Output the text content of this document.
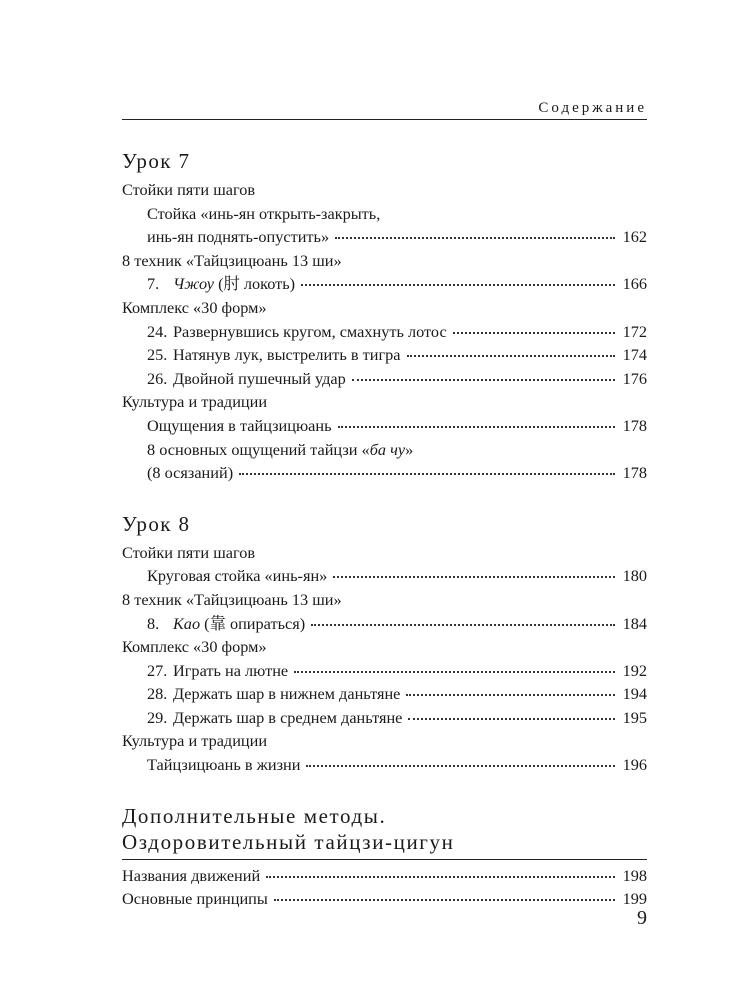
Содержание
Урок 7
Стойки пяти шагов
Стойка «инь-ян открыть-закрыть,
инь-ян поднять-опустить»	162
8 техник «Тайцзицюань 13 ши»
7. Чжоу (肘 локоть)	166
Комплекс «30 форм»
24. Развернувшись кругом, смахнуть лотос	172
25. Натянув лук, выстрелить в тигра	174
26. Двойной пушечный удар	176
Культура и традиции
Ощущения в тайцзицюань	178
8 основных ощущений тайцзи «ба чу»
(8 осязаний)	178
Урок 8
Стойки пяти шагов
Круговая стойка «инь-ян»	180
8 техник «Тайцзицюань 13 ши»
8. Као (靠 опираться)	184
Комплекс «30 форм»
27. Играть на лютне	192
28. Держать шар в нижнем даньтяне	194
29. Держать шар в среднем даньтяне	195
Культура и традиции
Тайцзицюань в жизни	196
Дополнительные методы.
Оздоровительный тайцзи-цигун
Названия движений	198
Основные принципы	199
9
